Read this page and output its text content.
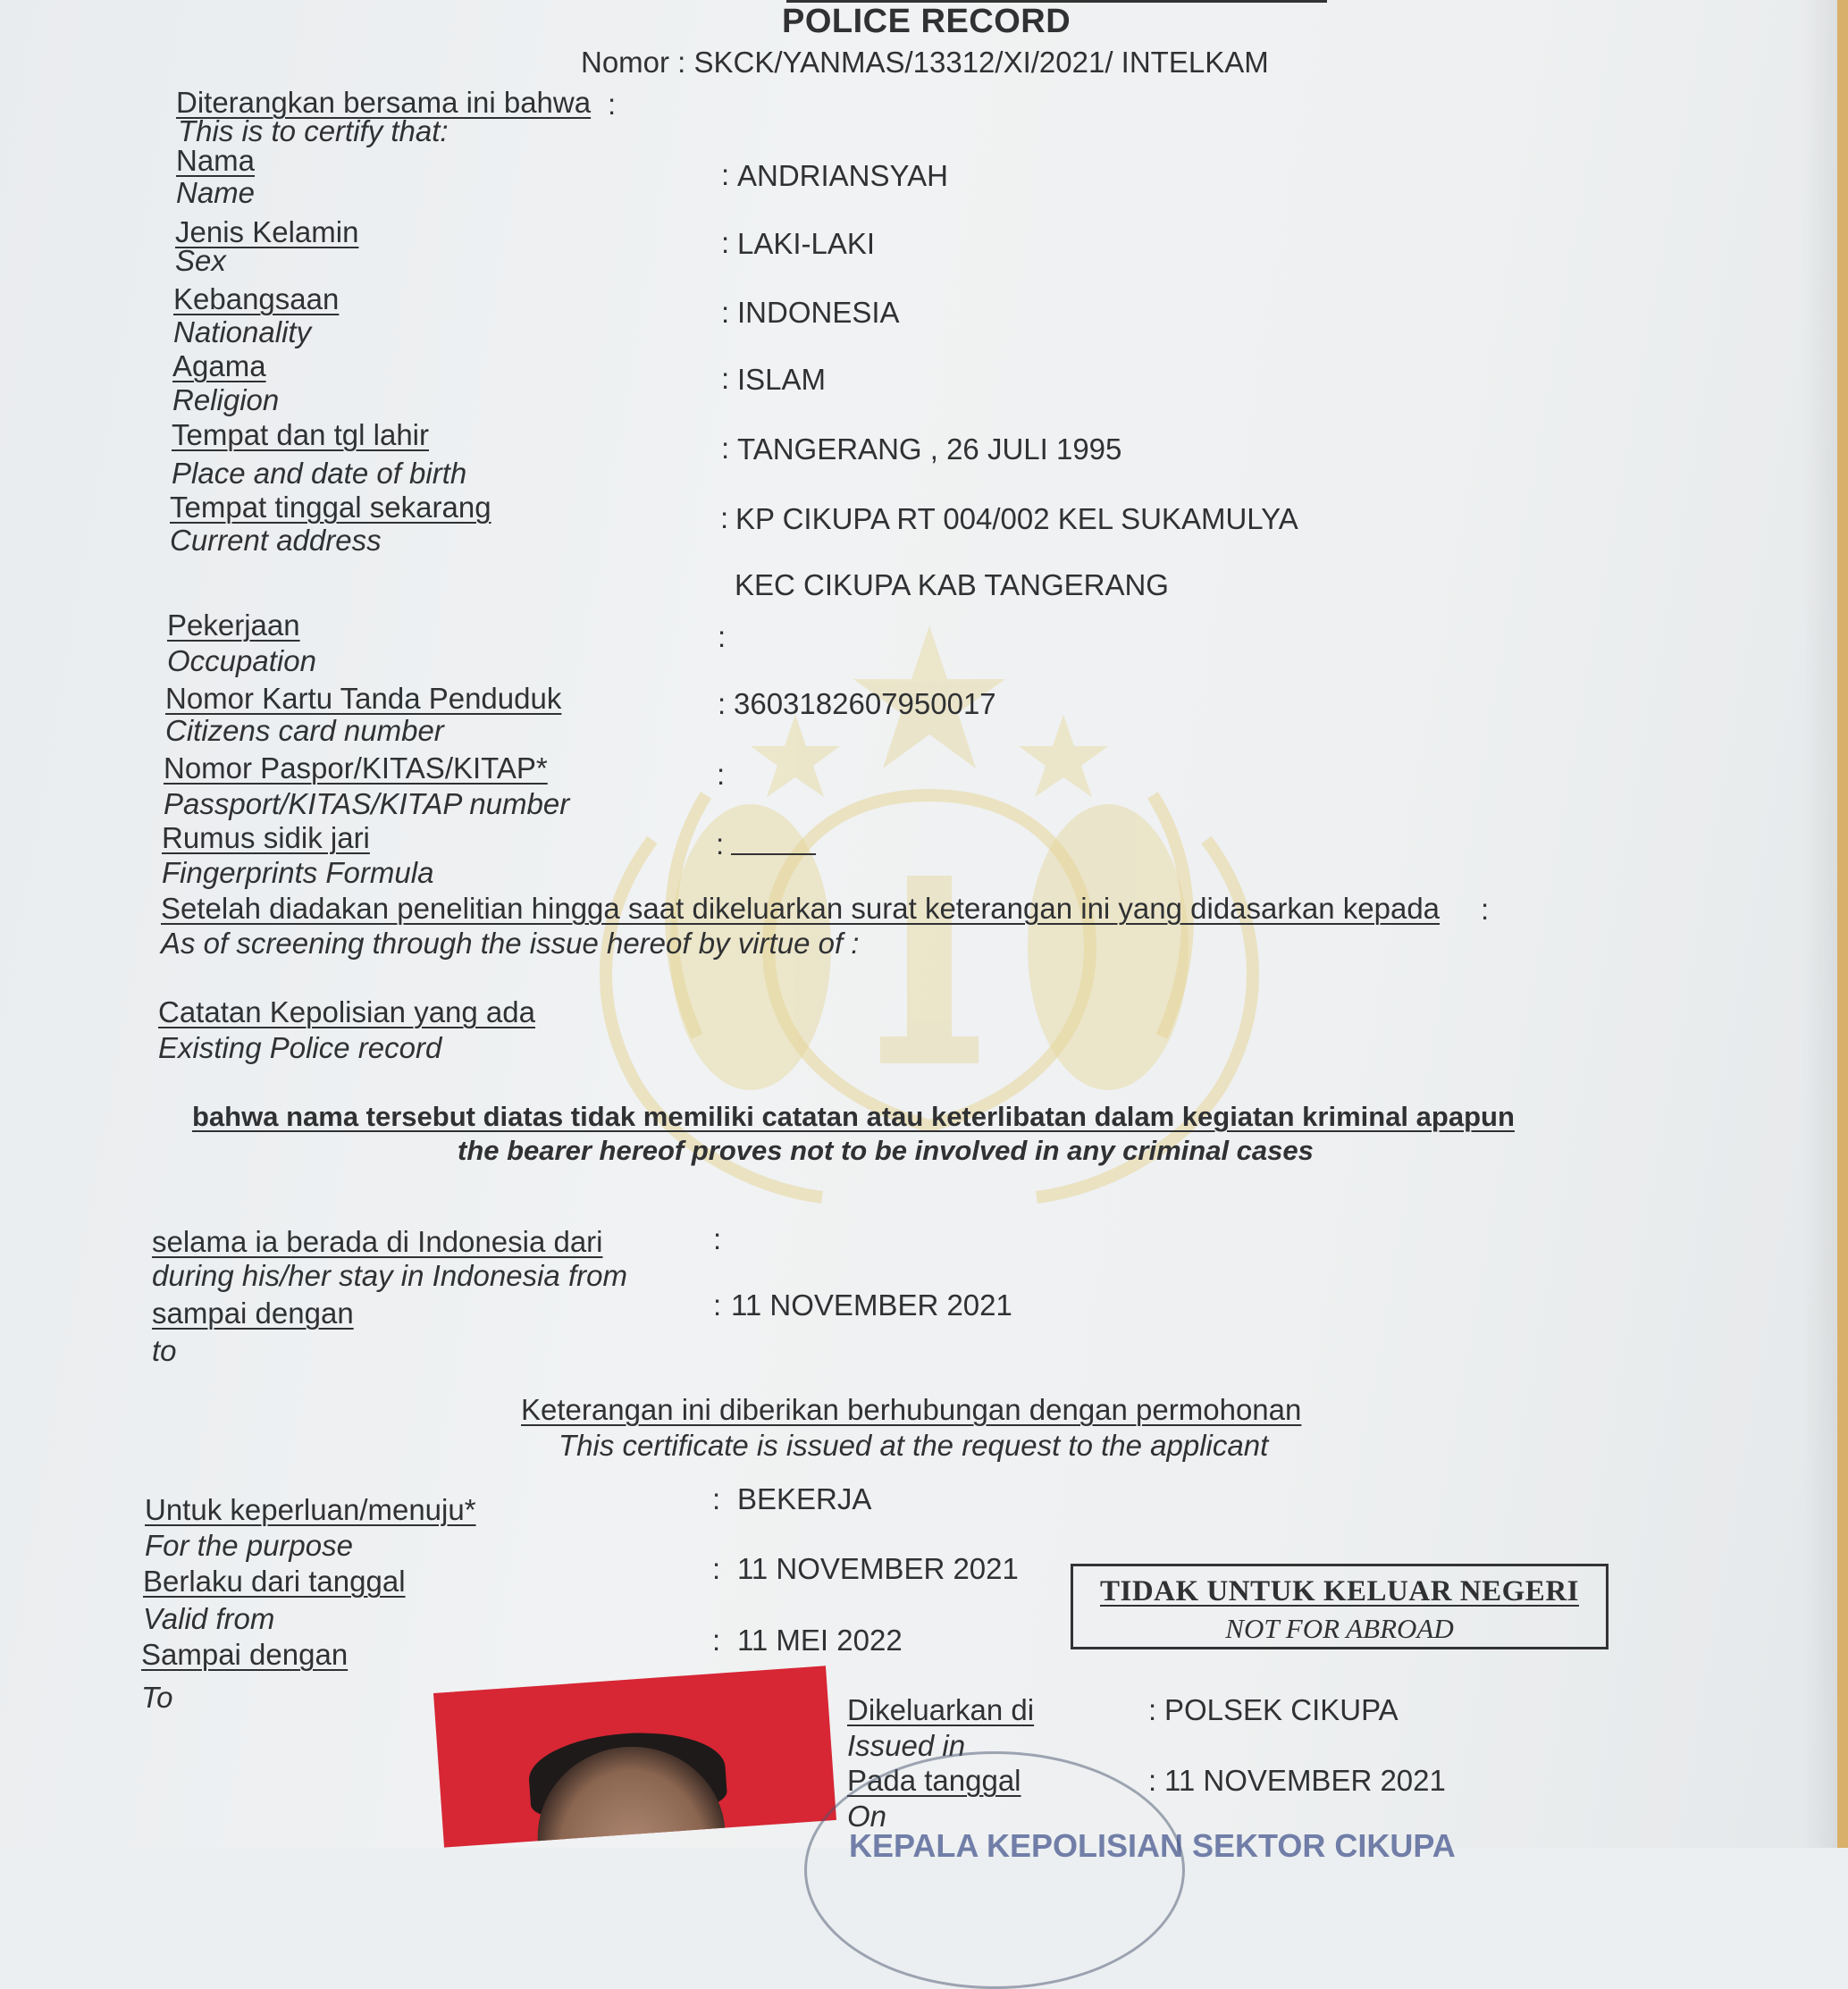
POLICE RECORD
Nomor : SKCK/YANMAS/13312/XI/2021/ INTELKAM
Diterangkan bersama ini bahwa :
This is to certify that:
Nama
Name
: ANDRIANSYAH
Jenis Kelamin
Sex
: LAKI-LAKI
Kebangsaan
Nationality
: INDONESIA
Agama
Religion
: ISLAM
Tempat dan tgl lahir
Place and date of birth
: TANGERANG , 26 JULI 1995
Tempat tinggal sekarang
Current address
: KP CIKUPA RT 004/002 KEL SUKAMULYA
KEC CIKUPA KAB TANGERANG
Pekerjaan
Occupation
:
Nomor Kartu Tanda Penduduk
Citizens card number
: 3603182607950017
Nomor Paspor/KITAS/KITAP*
Passport/KITAS/KITAP number
:
Rumus sidik jari
Fingerprints Formula
:
Setelah diadakan penelitian hingga saat dikeluarkan surat keterangan ini yang didasarkan kepada :
As of screening through the issue hereof by virtue of :
Catatan Kepolisian yang ada
Existing Police record
bahwa nama tersebut diatas tidak memiliki catatan atau keterlibatan dalam kegiatan kriminal apapun
the bearer hereof proves not to be involved in any criminal cases
selama ia berada di Indonesia dari	:
during his/her stay in Indonesia from
sampai dengan
to
: 11 NOVEMBER 2021
Keterangan ini diberikan berhubungan dengan permohonan
This certificate is issued at the request to the applicant
Untuk keperluan/menuju*
For the purpose
: BEKERJA
Berlaku dari tanggal
Valid from
: 11 NOVEMBER 2021
Sampai dengan
To
: 11 MEI 2022
TIDAK UNTUK KELUAR NEGERI
NOT FOR ABROAD
Dikeluarkan di
Issued in
: POLSEK CIKUPA
Pada tanggal
On
: 11 NOVEMBER 2021
KEPALA KEPOLISIAN SEKTOR CIKUPA
